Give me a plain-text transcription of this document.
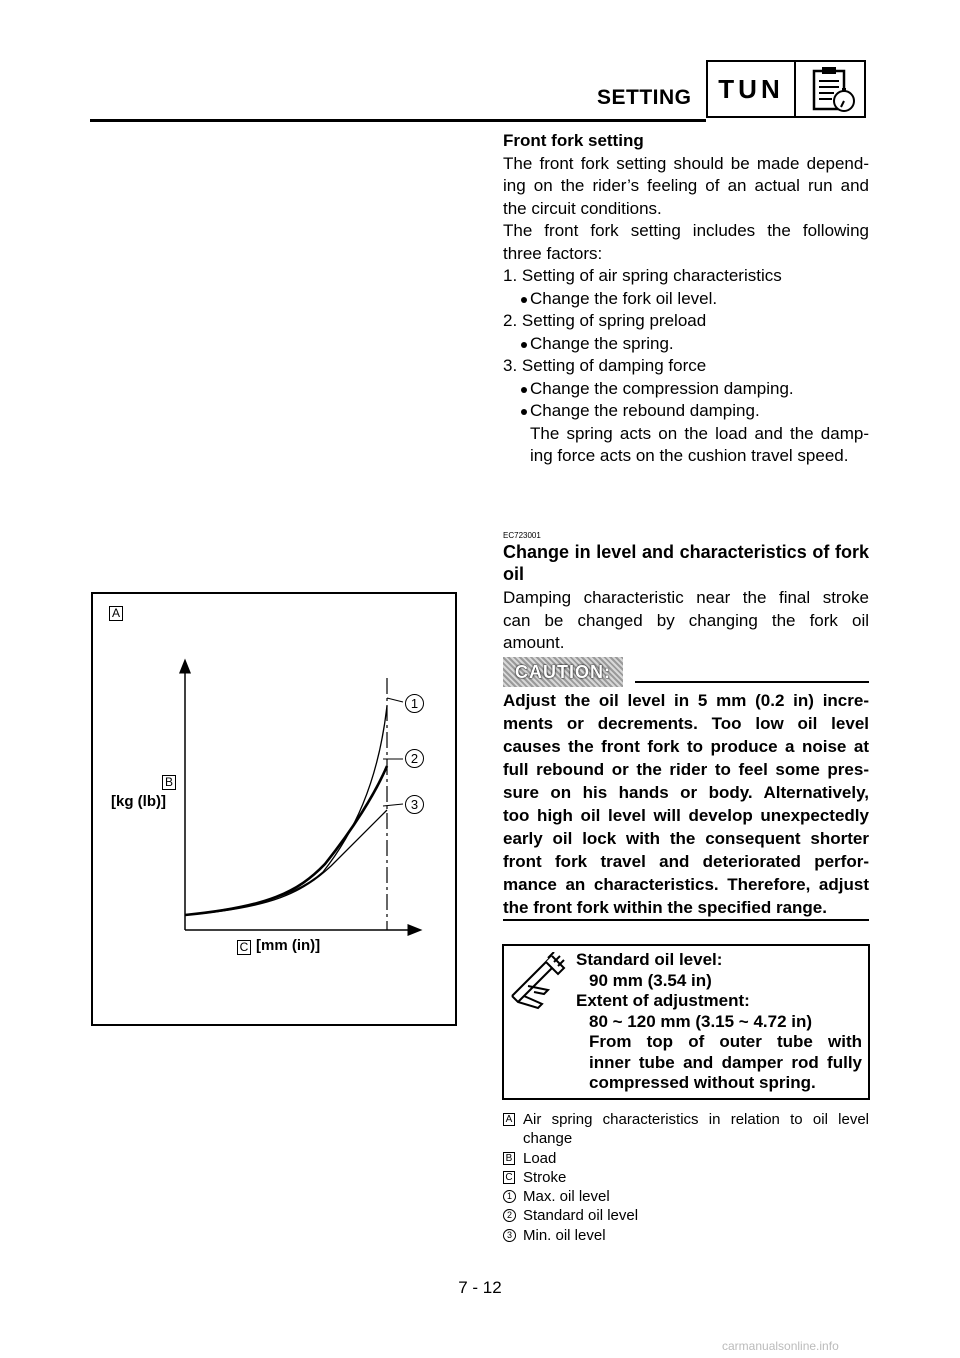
SETTING	TUN
Front fork setting
The front fork setting should be made depend-
ing on the rider’s feeling of an actual run and
the circuit conditions.
The front fork setting includes the following
three factors:
1. Setting of air spring characteristics
Change the fork oil level.
2. Setting of spring preload
Change the spring.
3. Setting of damping force
Change the compression damping.
Change the rebound damping.
The spring acts on the load and the damp-
ing force acts on the cushion travel speed.
EC723001
Change in level and characteristics of fork
oil
Damping characteristic near the final stroke
can be changed by changing the fork oil
amount.
CAUTION:
Adjust the oil level in 5 mm (0.2 in) incre-
ments or decrements. Too low oil level
causes the front fork to produce a noise at
full rebound or the rider to feel some pres-
sure on his hands or body. Alternatively,
too high oil level will develop unexpectedly
early oil lock with the consequent shorter
front fork travel and deteriorated perfor-
mance an characteristics. Therefore, adjust
the front fork within the specified range.
Standard oil level:
90 mm (3.54 in)
Extent of adjustment:
80 ~ 120 mm (3.15 ~ 4.72 in)
From top of outer tube with
inner tube and damper rod fully
compressed without spring.
A Air spring characteristics in relation to oil level
change
B Load
C Stroke
1 Max. oil level
2 Standard oil level
3 Min. oil level
A
B
[kg (lb)]
C [mm (in)]
1
2
3
7 - 12
carmanualsonline.info
